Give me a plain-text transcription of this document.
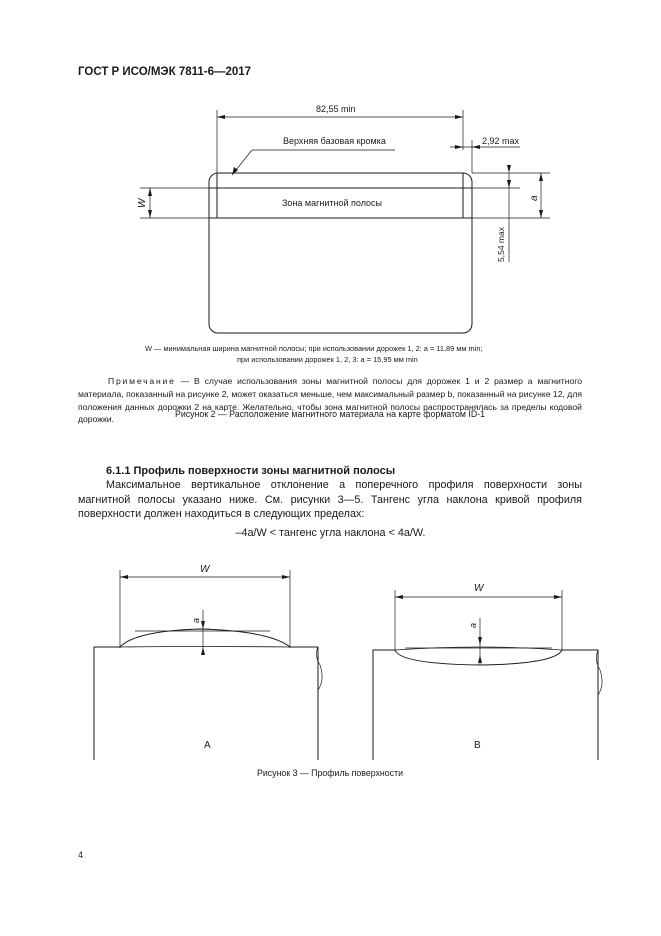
ГОСТ Р ИСО/МЭК 7811-6—2017
82,55 min
2,92 max
Верхняя базовая кромка
Зона магнитной полосы
W
a
5,54 max
W — минимальная ширина магнитной полосы; при использовании дорожек 1, 2: a = 11,89 мм min;
при использовании дорожек 1, 2, 3: a = 15,95 мм min
Рисунок 2 — Расположение магнитного материала на карте форматом ID-1
W
a
W
a
A	B
Рисунок 3 — Профиль поверхности
4
Примечание — В случае использования зоны магнитной полосы для дорожек 1 и 2 размер a магнитного материала, показанный на рисунке 2, может оказаться меньше, чем максимальный размер b, показанный на рисунке 12, для положения данных дорожки 2 на карте. Желательно, чтобы зона магнитной полосы распространялась за пределы кодовой дорожки.
6.1.1 Профиль поверхности зоны магнитной полосы
Максимальное вертикальное отклонение a поперечного профиля поверхности зоны магнитной полосы указано ниже. См. рисунки 3—5. Тангенс угла наклона кривой профиля поверхности должен находиться в следующих пределах:
–4a/W < тангенс угла наклона < 4a/W.
